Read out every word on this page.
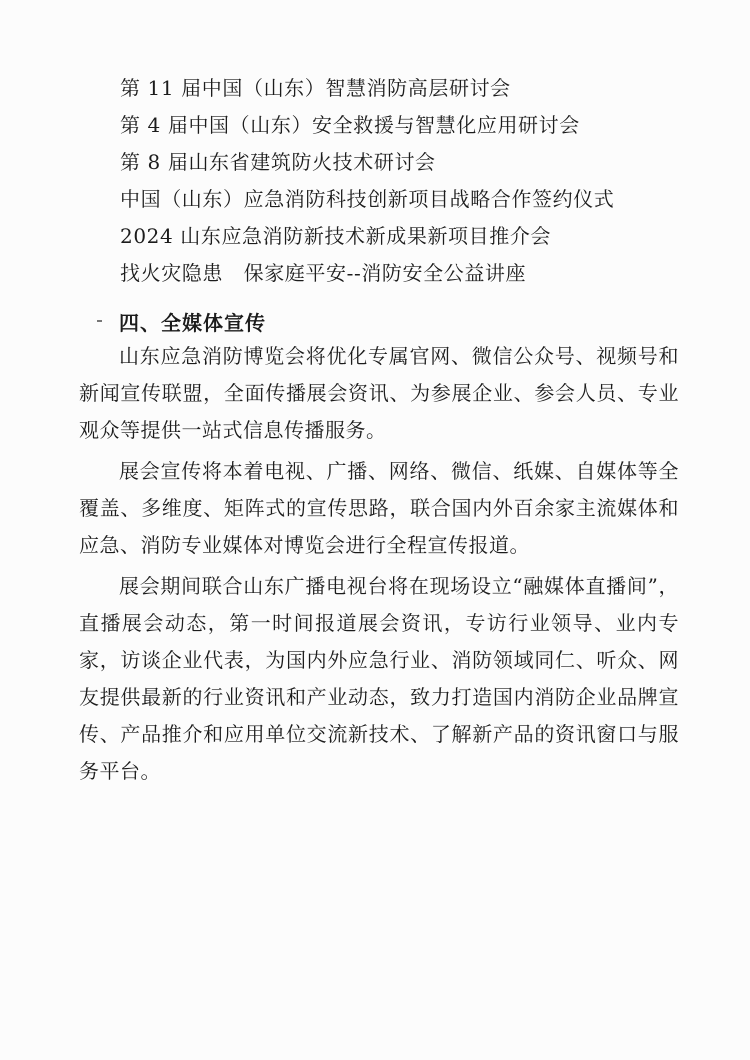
第 11 届中国（山东）智慧消防高层研讨会
第 4 届中国（山东）安全救援与智慧化应用研讨会
第 8 届山东省建筑防火技术研讨会
中国（山东）应急消防科技创新项目战略合作签约仪式
2024 山东应急消防新技术新成果新项目推介会
找火灾隐患　保家庭平安--消防安全公益讲座
四、全媒体宣传

山东应急消防博览会将优化专属官网、微信公众号、视频号和新闻宣传联盟，全面传播展会资讯、为参展企业、参会人员、专业观众等提供一站式信息传播服务。

展会宣传将本着电视、广播、网络、微信、纸媒、自媒体等全覆盖、多维度、矩阵式的宣传思路，联合国内外百余家主流媒体和应急、消防专业媒体对博览会进行全程宣传报道。

展会期间联合山东广播电视台将在现场设立“融媒体直播间”，直播展会动态，第一时间报道展会资讯，专访行业领导、业内专家，访谈企业代表，为国内外应急行业、消防领域同仁、听众、网友提供最新的行业资讯和产业动态，致力打造国内消防企业品牌宣传、产品推介和应用单位交流新技术、了解新产品的资讯窗口与服务平台。
